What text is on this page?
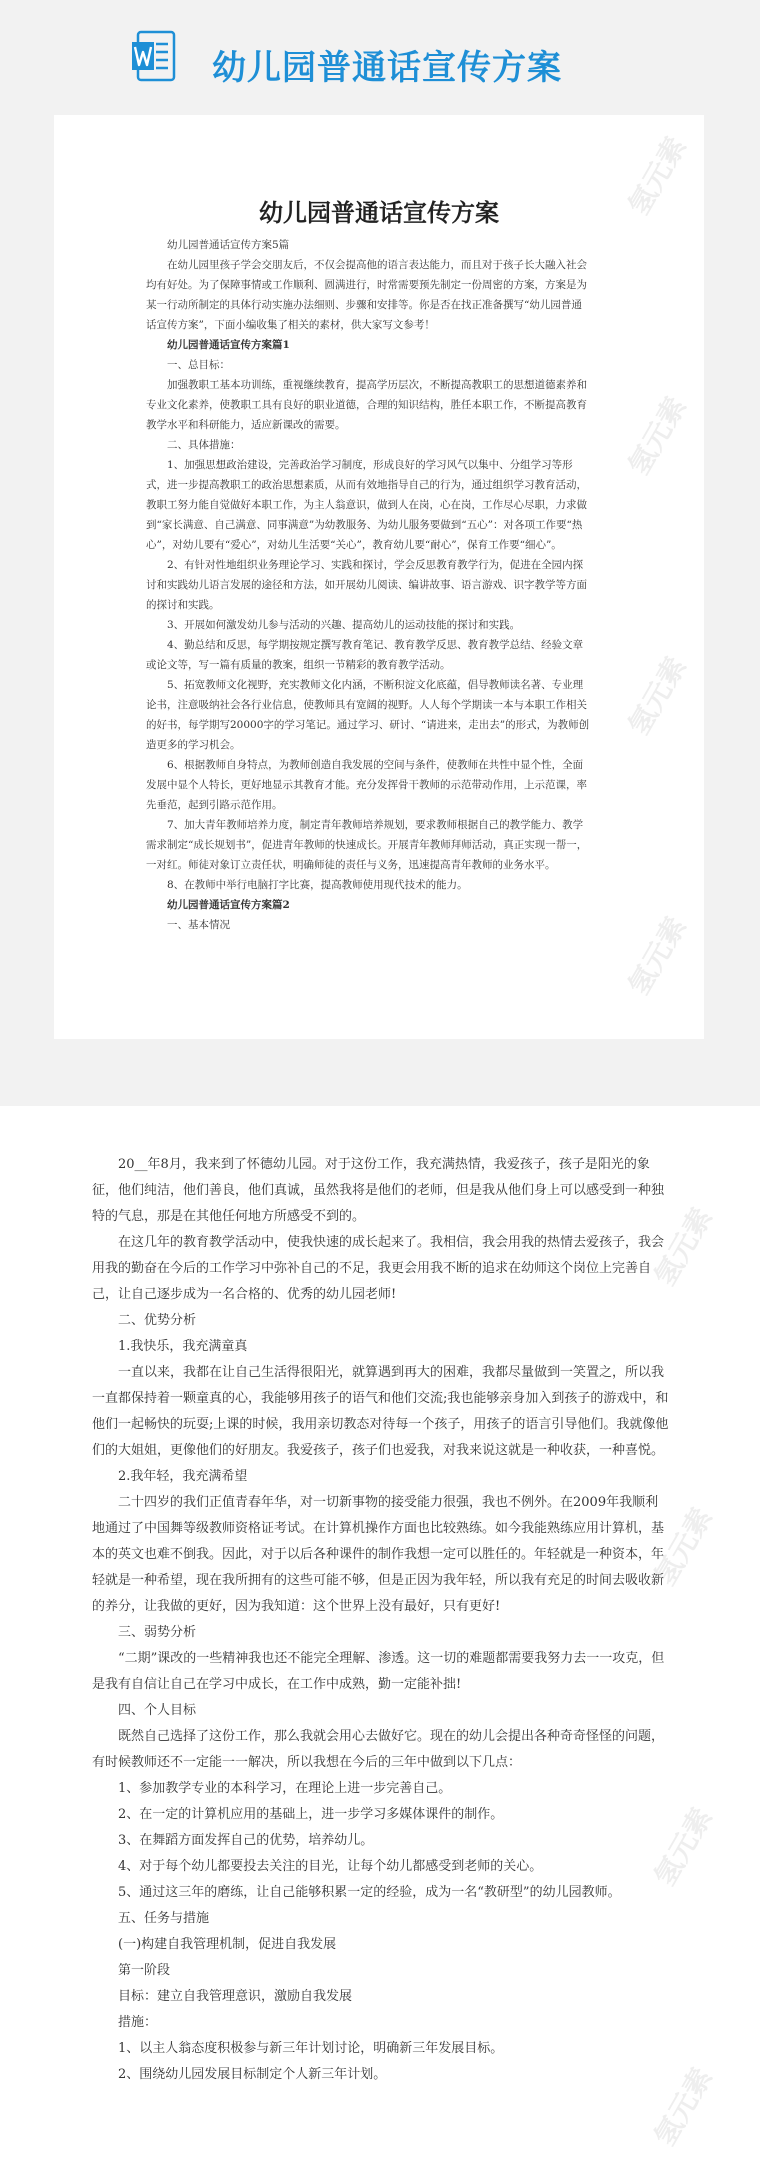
幼儿园普通话宣传方案
幼儿园普通话宣传方案

幼儿园普通话宣传方案5篇

在幼儿园里孩子学会交朋友后，不仅会提高他的语言表达能力，而且对于孩子长大融入社会均有好处。为了保障事情或工作顺利、圆满进行，时常需要预先制定一份周密的方案，方案是为某一行动所制定的具体行动实施办法细则、步骤和安排等。你是否在找正准备撰写“幼儿园普通话宣传方案”，下面小编收集了相关的素材，供大家写文参考！

幼儿园普通话宣传方案篇1

一、总目标：

加强教职工基本功训练，重视继续教育，提高学历层次，不断提高教职工的思想道德素养和专业文化素养，使教职工具有良好的职业道德，合理的知识结构，胜任本职工作，不断提高教育教学水平和科研能力，适应新课改的需要。

二、具体措施：

1、加强思想政治建设，完善政治学习制度，形成良好的学习风气以集中、分组学习等形式，进一步提高教职工的政治思想素质，从而有效地指导自己的行为，通过组织学习教育活动，教职工努力能自觉做好本职工作，为主人翁意识，做到人在岗，心在岗，工作尽心尽职，力求做到“家长满意、自己满意、同事满意”为幼教服务、为幼儿服务要做到“五心”：对各项工作要“热心”，对幼儿要有“爱心”，对幼儿生活要“关心”，教育幼儿要“耐心”，保育工作要“细心”。

2、有针对性地组织业务理论学习、实践和探讨，学会反思教育教学行为，促进在全园内探讨和实践幼儿语言发展的途径和方法，如开展幼儿阅读、编讲故事、语言游戏、识字教学等方面的探讨和实践。

3、开展如何激发幼儿参与活动的兴趣、提高幼儿的运动技能的探讨和实践。

4、勤总结和反思，每学期按规定撰写教育笔记、教育教学反思、教育教学总结、经验文章或论文等，写一篇有质量的教案，组织一节精彩的教育教学活动。

5、拓宽教师文化视野，充实教师文化内涵，不断积淀文化底蕴，倡导教师读名著、专业理论书，注意吸纳社会各行业信息，使教师具有宽阔的视野。人人每个学期读一本与本职工作相关的好书，每学期写20000字的学习笔记。通过学习、研讨、“请进来，走出去”的形式，为教师创造更多的学习机会。

6、根据教师自身特点，为教师创造自我发展的空间与条件，使教师在共性中显个性，全面发展中显个人特长，更好地显示其教育才能。充分发挥骨干教师的示范带动作用，上示范课，率先垂范，起到引路示范作用。

7、加大青年教师培养力度，制定青年教师培养规划，要求教师根据自己的教学能力、教学需求制定“成长规划书”，促进青年教师的快速成长。开展青年教师拜师活动，真正实现一帮一，一对红。师徒对象订立责任状，明确师徒的责任与义务，迅速提高青年教师的业务水平。

8、在教师中举行电脑打字比赛，提高教师使用现代技术的能力。

幼儿园普通话宣传方案篇2

一、基本情况

氢元素
氢元素
氢元素
氢元素

20__年8月，我来到了怀德幼儿园。对于这份工作，我充满热情，我爱孩子，孩子是阳光的象征，他们纯洁，他们善良，他们真诚，虽然我将是他们的老师，但是我从他们身上可以感受到一种独特的气息，那是在其他任何地方所感受不到的。

在这几年的教育教学活动中，使我快速的成长起来了。我相信，我会用我的热情去爱孩子，我会用我的勤奋在今后的工作学习中弥补自己的不足，我更会用我不断的追求在幼师这个岗位上完善自己，让自己逐步成为一名合格的、优秀的幼儿园老师!

二、优势分析

1.我快乐，我充满童真

一直以来，我都在让自己生活得很阳光，就算遇到再大的困难，我都尽量做到一笑置之，所以我一直都保持着一颗童真的心，我能够用孩子的语气和他们交流;我也能够亲身加入到孩子的游戏中，和他们一起畅快的玩耍;上课的时候，我用亲切教态对待每一个孩子，用孩子的语言引导他们。我就像他们的大姐姐，更像他们的好朋友。我爱孩子，孩子们也爱我，对我来说这就是一种收获，一种喜悦。

2.我年轻，我充满希望

二十四岁的我们正值青春年华，对一切新事物的接受能力很强，我也不例外。在2009年我顺利地通过了中国舞等级教师资格证考试。在计算机操作方面也比较熟练。如今我能熟练应用计算机，基本的英文也难不倒我。因此，对于以后各种课件的制作我想一定可以胜任的。年轻就是一种资本，年轻就是一种希望，现在我所拥有的这些可能不够，但是正因为我年轻，所以我有充足的时间去吸收新的养分，让我做的更好，因为我知道：这个世界上没有最好，只有更好!

三、弱势分析

“二期”课改的一些精神我也还不能完全理解、渗透。这一切的难题都需要我努力去一一攻克，但是我有自信让自己在学习中成长，在工作中成熟，勤一定能补拙!

四、个人目标

既然自己选择了这份工作，那么我就会用心去做好它。现在的幼儿会提出各种奇奇怪怪的问题，有时候教师还不一定能一一解决，所以我想在今后的三年中做到以下几点：

1、参加教学专业的本科学习，在理论上进一步完善自己。

2、在一定的计算机应用的基础上，进一步学习多媒体课件的制作。

3、在舞蹈方面发挥自己的优势，培养幼儿。

4、对于每个幼儿都要投去关注的目光，让每个幼儿都感受到老师的关心。

5、通过这三年的磨练，让自己能够积累一定的经验，成为一名“教研型”的幼儿园教师。

五、任务与措施

(一)构建自我管理机制，促进自我发展

第一阶段

目标：建立自我管理意识，激励自我发展

措施：

1、以主人翁态度积极参与新三年计划讨论，明确新三年发展目标。

2、围绕幼儿园发展目标制定个人新三年计划。

氢元素
氢元素
氢元素
氢元素
